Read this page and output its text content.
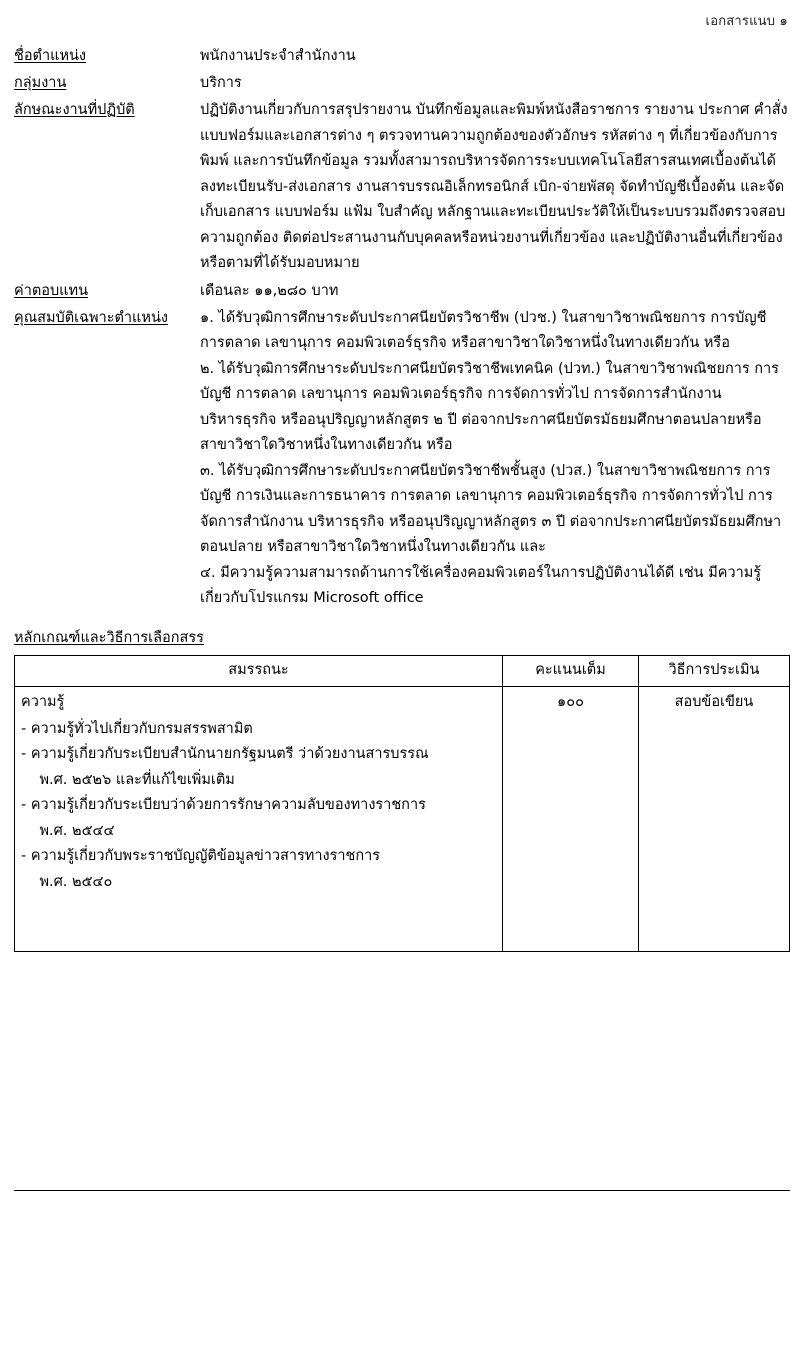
เอกสารแนบ ๑
ชื่อตำแหน่ง	พนักงานประจำสำนักงาน
กลุ่มงาน	บริการ
ลักษณะงานที่ปฏิบัติ	ปฏิบัติงานเกี่ยวกับการสรุปรายงาน บันทึกข้อมูลและพิมพ์หนังสือราชการ รายงาน ประกาศ คำสั่ง แบบฟอร์มและเอกสารต่าง ๆ ตรวจทานความถูกต้องของตัวอักษร รหัสต่าง ๆ ที่เกี่ยวข้องกับการพิมพ์ และการบันทึกข้อมูล รวมทั้งสามารถบริหารจัดการระบบเทคโนโลยีสารสนเทศเบื้องต้นได้ ลงทะเบียนรับ-ส่งเอกสาร งานสารบรรณอิเล็กทรอนิกส์ เบิก-จ่ายพัสดุ จัดทำบัญชีเบื้องต้น และจัดเก็บเอกสาร แบบฟอร์ม แฟ้ม ใบสำคัญ หลักฐานและทะเบียนประวัติให้เป็นระบบรวมถึงตรวจสอบความถูกต้อง ติดต่อประสานงานกับบุคคลหรือหน่วยงานที่เกี่ยวข้อง และปฏิบัติงานอื่นที่เกี่ยวข้องหรือตามที่ได้รับมอบหมาย
ค่าตอบแทน	เดือนละ ๑๑,๒๘๐ บาท
คุณสมบัติเฉพาะตำแหน่ง	๑. ได้รับวุฒิการศึกษาระดับประกาศนียบัตรวิชาชีพ (ปวช.) ในสาขาวิชาพณิชยการ การบัญชี การตลาด เลขานุการ คอมพิวเตอร์ธุรกิจ หรือสาขาวิชาใดวิชาหนึ่งในทางเดียวกัน หรือ
๒. ได้รับวุฒิการศึกษาระดับประกาศนียบัตรวิชาชีพเทคนิค (ปวท.) ในสาขาวิชาพณิชยการ การบัญชี การตลาด เลขานุการ คอมพิวเตอร์ธุรกิจ การจัดการทั่วไป การจัดการสำนักงาน บริหารธุรกิจ หรืออนุปริญญาหลักสูตร ๒ ปี ต่อจากประกาศนียบัตรมัธยมศึกษาตอนปลายหรือสาขาวิชาใดวิชาหนึ่งในทางเดียวกัน หรือ
๓. ได้รับวุฒิการศึกษาระดับประกาศนียบัตรวิชาชีพชั้นสูง (ปวส.) ในสาขาวิชาพณิชยการ การบัญชี การเงินและการธนาคาร การตลาด เลขานุการ คอมพิวเตอร์ธุรกิจ การจัดการทั่วไป การจัดการสำนักงาน บริหารธุรกิจ หรืออนุปริญญาหลักสูตร ๓ ปี ต่อจากประกาศนียบัตรมัธยมศึกษาตอนปลาย หรือสาขาวิชาใดวิชาหนึ่งในทางเดียวกัน และ
๔. มีความรู้ความสามารถด้านการใช้เครื่องคอมพิวเตอร์ในการปฏิบัติงานได้ดี เช่น มีความรู้เกี่ยวกับโปรแกรม Microsoft office
หลักเกณฑ์และวิธีการเลือกสรร
สมรรถนะ	คะแนนเต็ม	วิธีการประเมิน

ความรู้
- ความรู้ทั่วไปเกี่ยวกับกรมสรรพสามิต
- ความรู้เกี่ยวกับระเบียบสำนักนายกรัฐมนตรี ว่าด้วยงานสารบรรณ
พ.ศ. ๒๕๒๖ และที่แก้ไขเพิ่มเติม
- ความรู้เกี่ยวกับระเบียบว่าด้วยการรักษาความลับของทางราชการ
พ.ศ. ๒๕๔๔
- ความรู้เกี่ยวกับพระราชบัญญัติข้อมูลข่าวสารทางราชการ
พ.ศ. ๒๕๔๐
	๑๐๐	สอบข้อเขียน
